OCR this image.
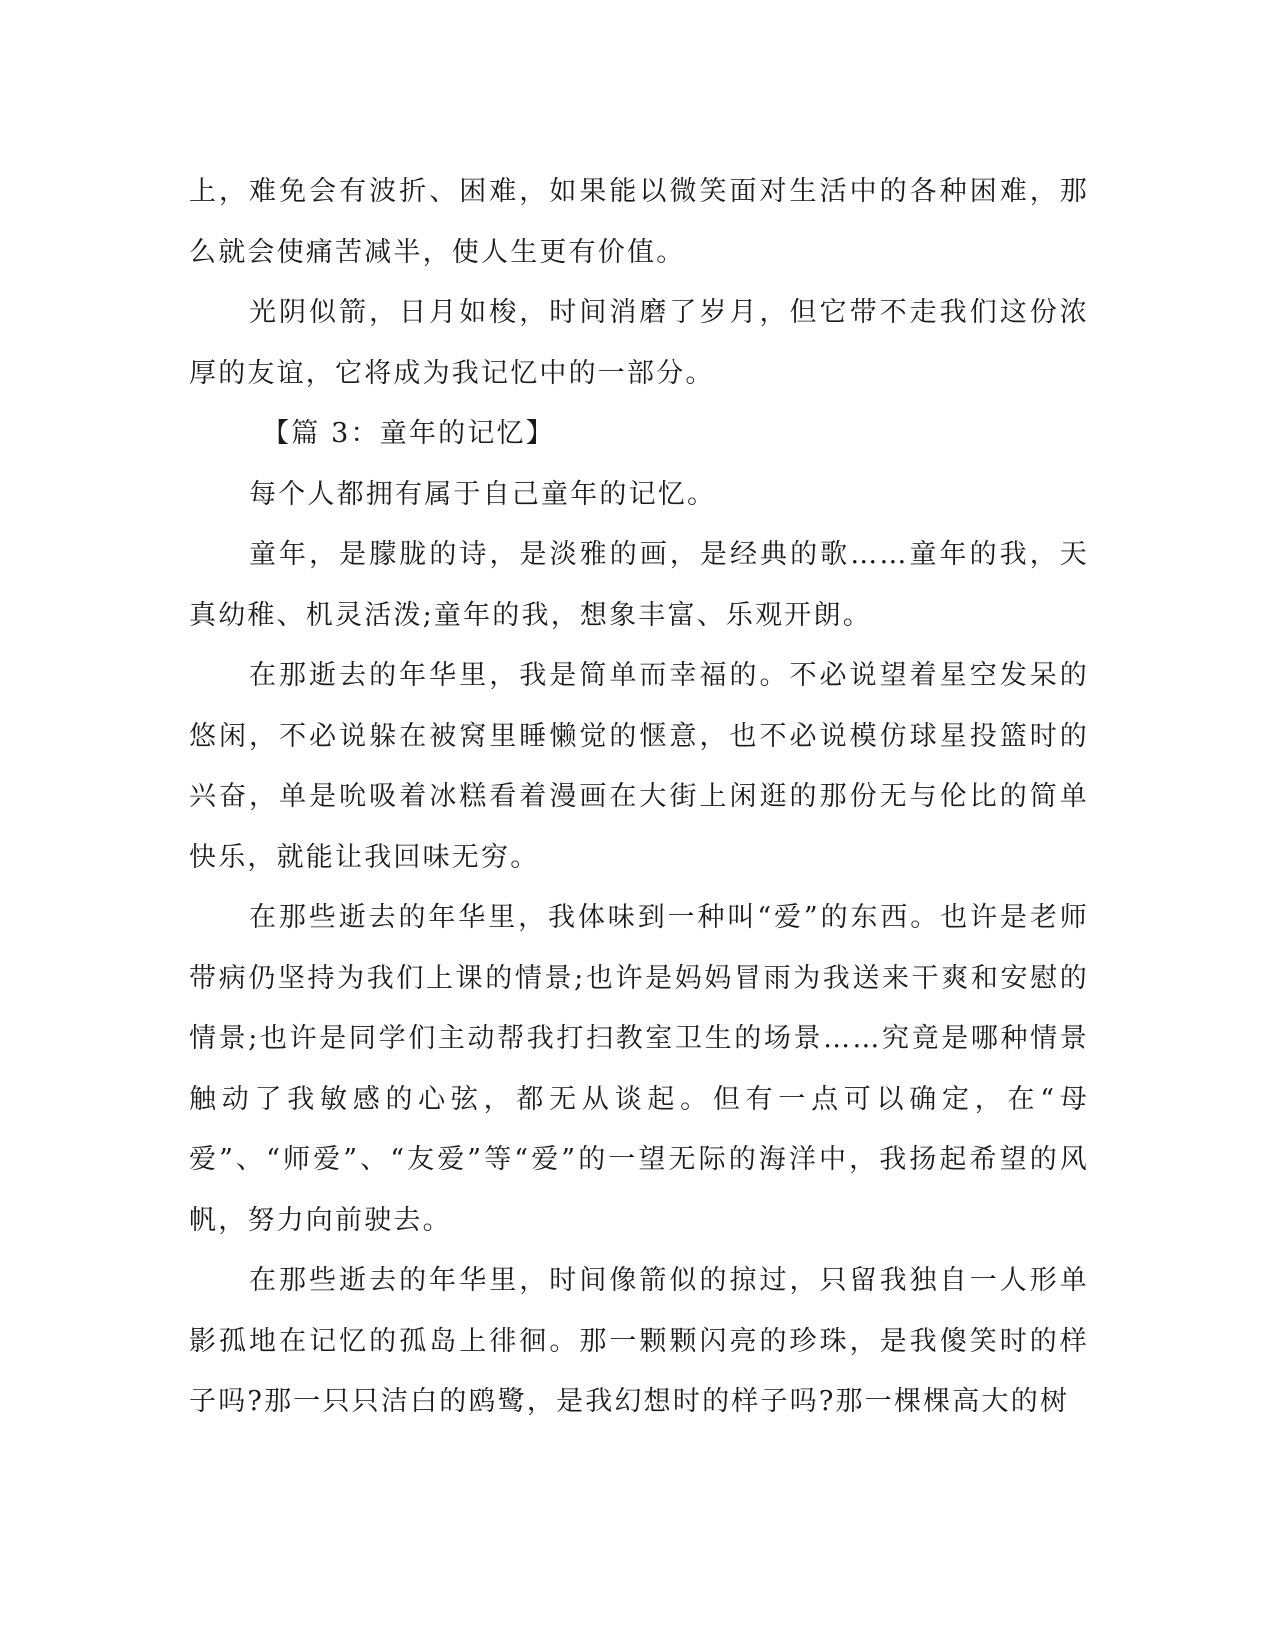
上，难免会有波折、困难，如果能以微笑面对生活中的各种困难，那么就会使痛苦减半，使人生更有价值。

光阴似箭，日月如梭，时间消磨了岁月，但它带不走我们这份浓厚的友谊，它将成为我记忆中的一部分。

【篇 3：童年的记忆】

每个人都拥有属于自己童年的记忆。

童年，是朦胧的诗，是淡雅的画，是经典的歌……童年的我，天真幼稚、机灵活泼;童年的我，想象丰富、乐观开朗。

在那逝去的年华里，我是简单而幸福的。不必说望着星空发呆的悠闲，不必说躲在被窝里睡懒觉的惬意，也不必说模仿球星投篮时的兴奋，单是吮吸着冰糕看着漫画在大街上闲逛的那份无与伦比的简单快乐，就能让我回味无穷。

在那些逝去的年华里，我体味到一种叫“爱”的东西。也许是老师带病仍坚持为我们上课的情景;也许是妈妈冒雨为我送来干爽和安慰的情景;也许是同学们主动帮我打扫教室卫生的场景……究竟是哪种情景触动了我敏感的心弦，都无从谈起。但有一点可以确定，在“母爱”、“师爱”、“友爱”等“爱”的一望无际的海洋中，我扬起希望的风帆，努力向前驶去。

在那些逝去的年华里，时间像箭似的掠过，只留我独自一人形单影孤地在记忆的孤岛上徘徊。那一颗颗闪亮的珍珠，是我傻笑时的样子吗?那一只只洁白的鸥鹭，是我幻想时的样子吗?那一棵棵高大的树
